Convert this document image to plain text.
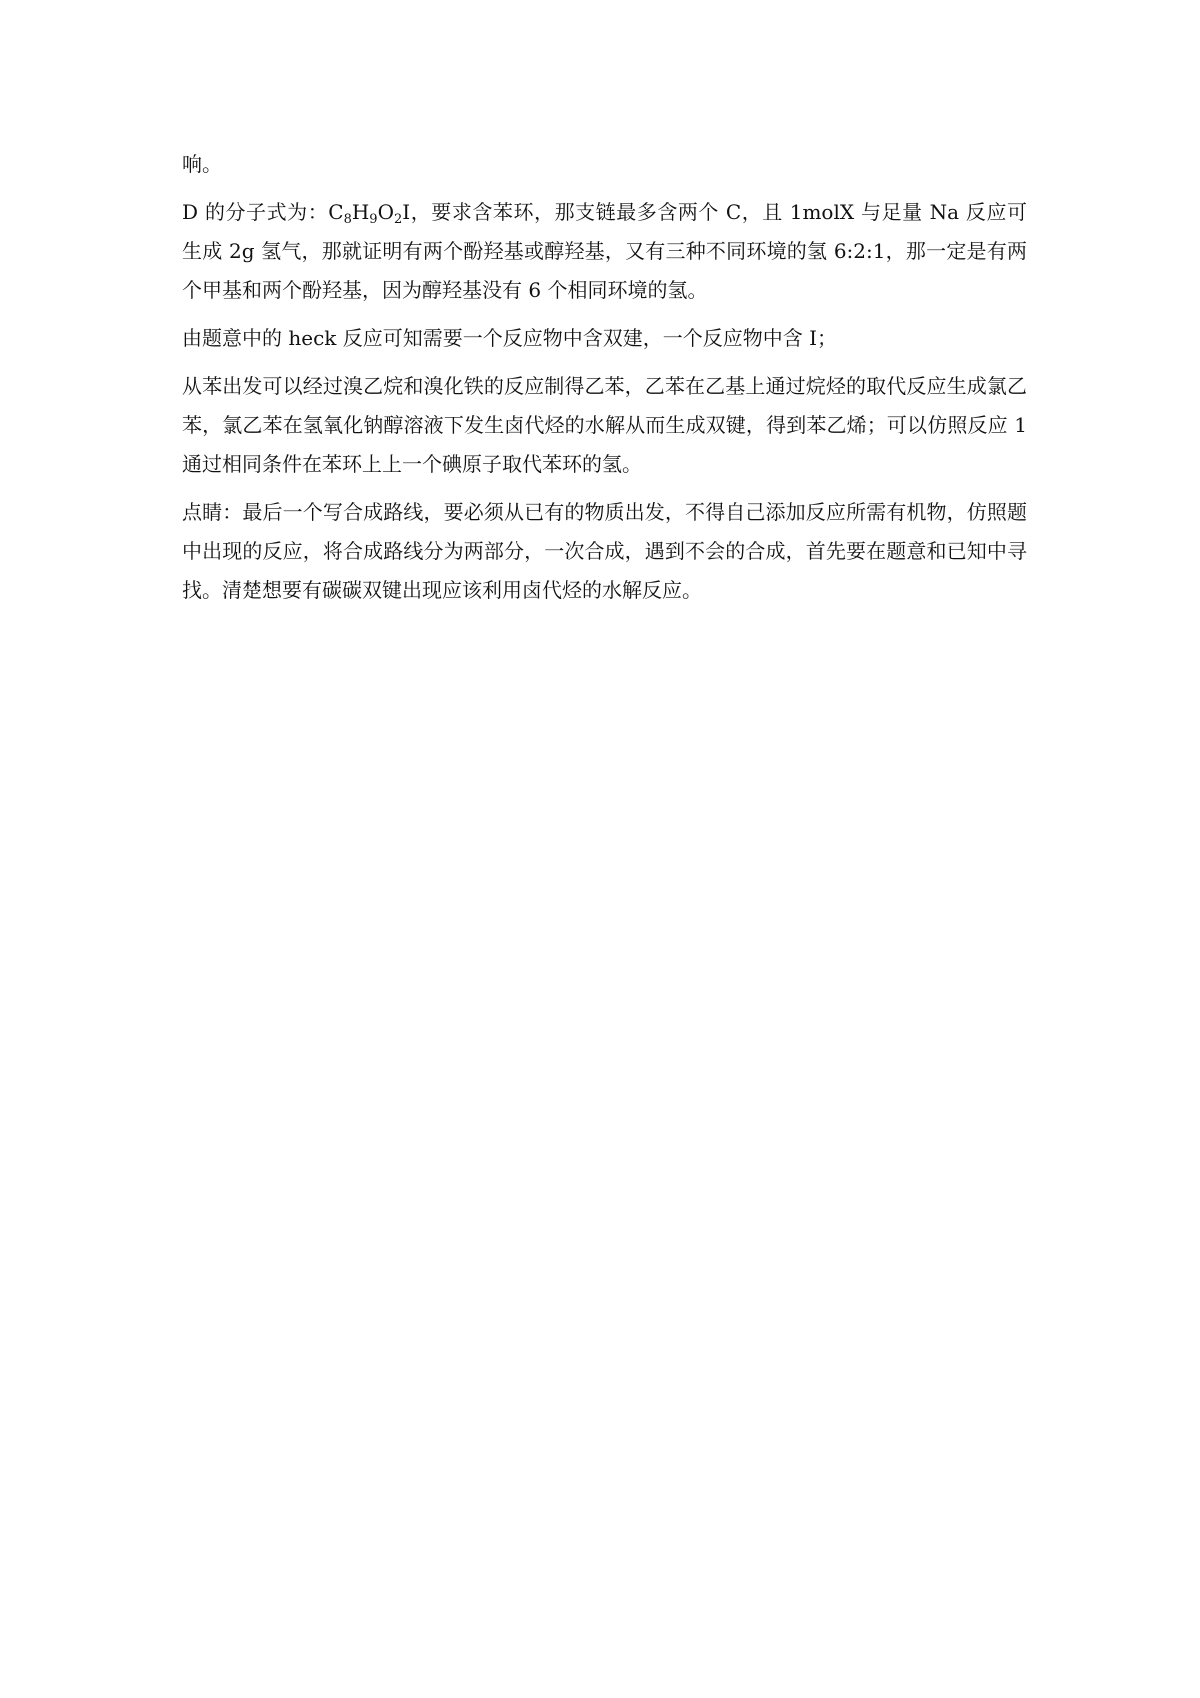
响。

D 的分子式为：$C_8H_9O_2I$，要求含苯环，那支链最多含两个 C，且 1molX 与足量 Na 反应可生成 2g 氢气，那就证明有两个酚羟基或醇羟基，又有三种不同环境的氢 6:2:1，那一定是有两个甲基和两个酚羟基，因为醇羟基没有 6 个相同环境的氢。

由题意中的 heck 反应可知需要一个反应物中含双建，一个反应物中含 I；

从苯出发可以经过溴乙烷和溴化铁的反应制得乙苯，乙苯在乙基上通过烷烃的取代反应生成氯乙苯，氯乙苯在氢氧化钠醇溶液下发生卤代烃的水解从而生成双键，得到苯乙烯；可以仿照反应 1 通过相同条件在苯环上上一个碘原子取代苯环的氢。

点睛：最后一个写合成路线，要必须从已有的物质出发，不得自己添加反应所需有机物，仿照题中出现的反应，将合成路线分为两部分，一次合成，遇到不会的合成，首先要在题意和已知中寻找。清楚想要有碳碳双键出现应该利用卤代烃的水解反应。
